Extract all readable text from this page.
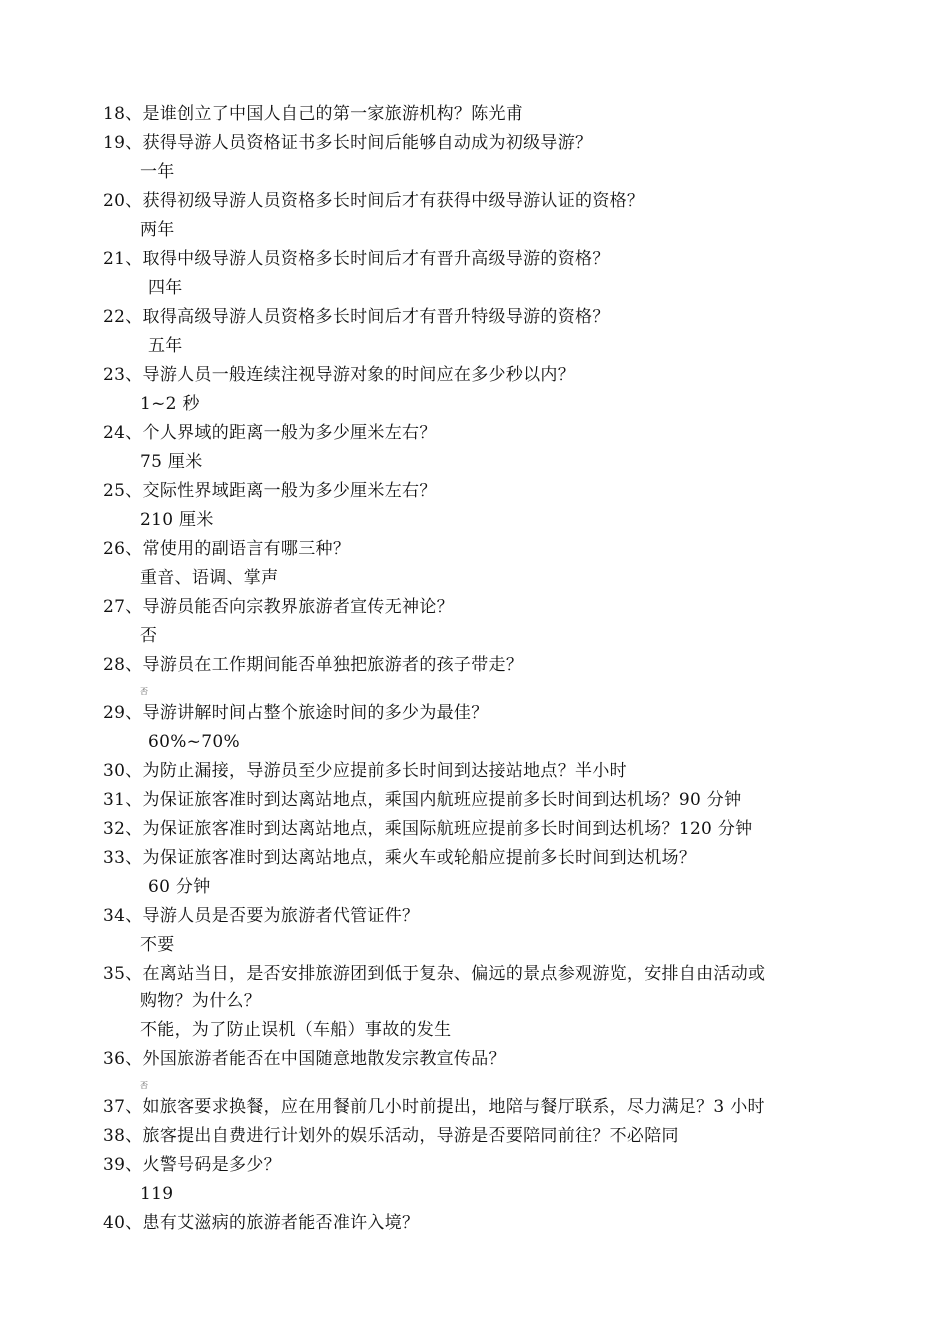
18、是谁创立了中国人自己的第一家旅游机构？陈光甫
19、获得导游人员资格证书多长时间后能够自动成为初级导游？
一年
20、获得初级导游人员资格多长时间后才有获得中级导游认证的资格？
两年
21、取得中级导游人员资格多长时间后才有晋升高级导游的资格？
四年
22、取得高级导游人员资格多长时间后才有晋升特级导游的资格？
五年
23、导游人员一般连续注视导游对象的时间应在多少秒以内？
1~2 秒
24、个人界域的距离一般为多少厘米左右？
75 厘米
25、交际性界域距离一般为多少厘米左右？
210 厘米
26、常使用的副语言有哪三种？
重音、语调、掌声
27、导游员能否向宗教界旅游者宣传无神论？
否
28、导游员在工作期间能否单独把旅游者的孩子带走？
否
29、导游讲解时间占整个旅途时间的多少为最佳？
60%~70%
30、为防止漏接，导游员至少应提前多长时间到达接站地点？半小时
31、为保证旅客准时到达离站地点，乘国内航班应提前多长时间到达机场？90 分钟
32、为保证旅客准时到达离站地点，乘国际航班应提前多长时间到达机场？120 分钟
33、为保证旅客准时到达离站地点，乘火车或轮船应提前多长时间到达机场？
60 分钟
34、导游人员是否要为旅游者代管证件？
不要
35、在离站当日，是否安排旅游团到低于复杂、偏远的景点参观游览，安排自由活动或
购物？为什么？
不能，为了防止误机（车船）事故的发生
36、外国旅游者能否在中国随意地散发宗教宣传品？
否
37、如旅客要求换餐，应在用餐前几小时前提出，地陪与餐厅联系，尽力满足？3 小时
38、旅客提出自费进行计划外的娱乐活动，导游是否要陪同前往？不必陪同
39、火警号码是多少？
119
40、患有艾滋病的旅游者能否准许入境？
